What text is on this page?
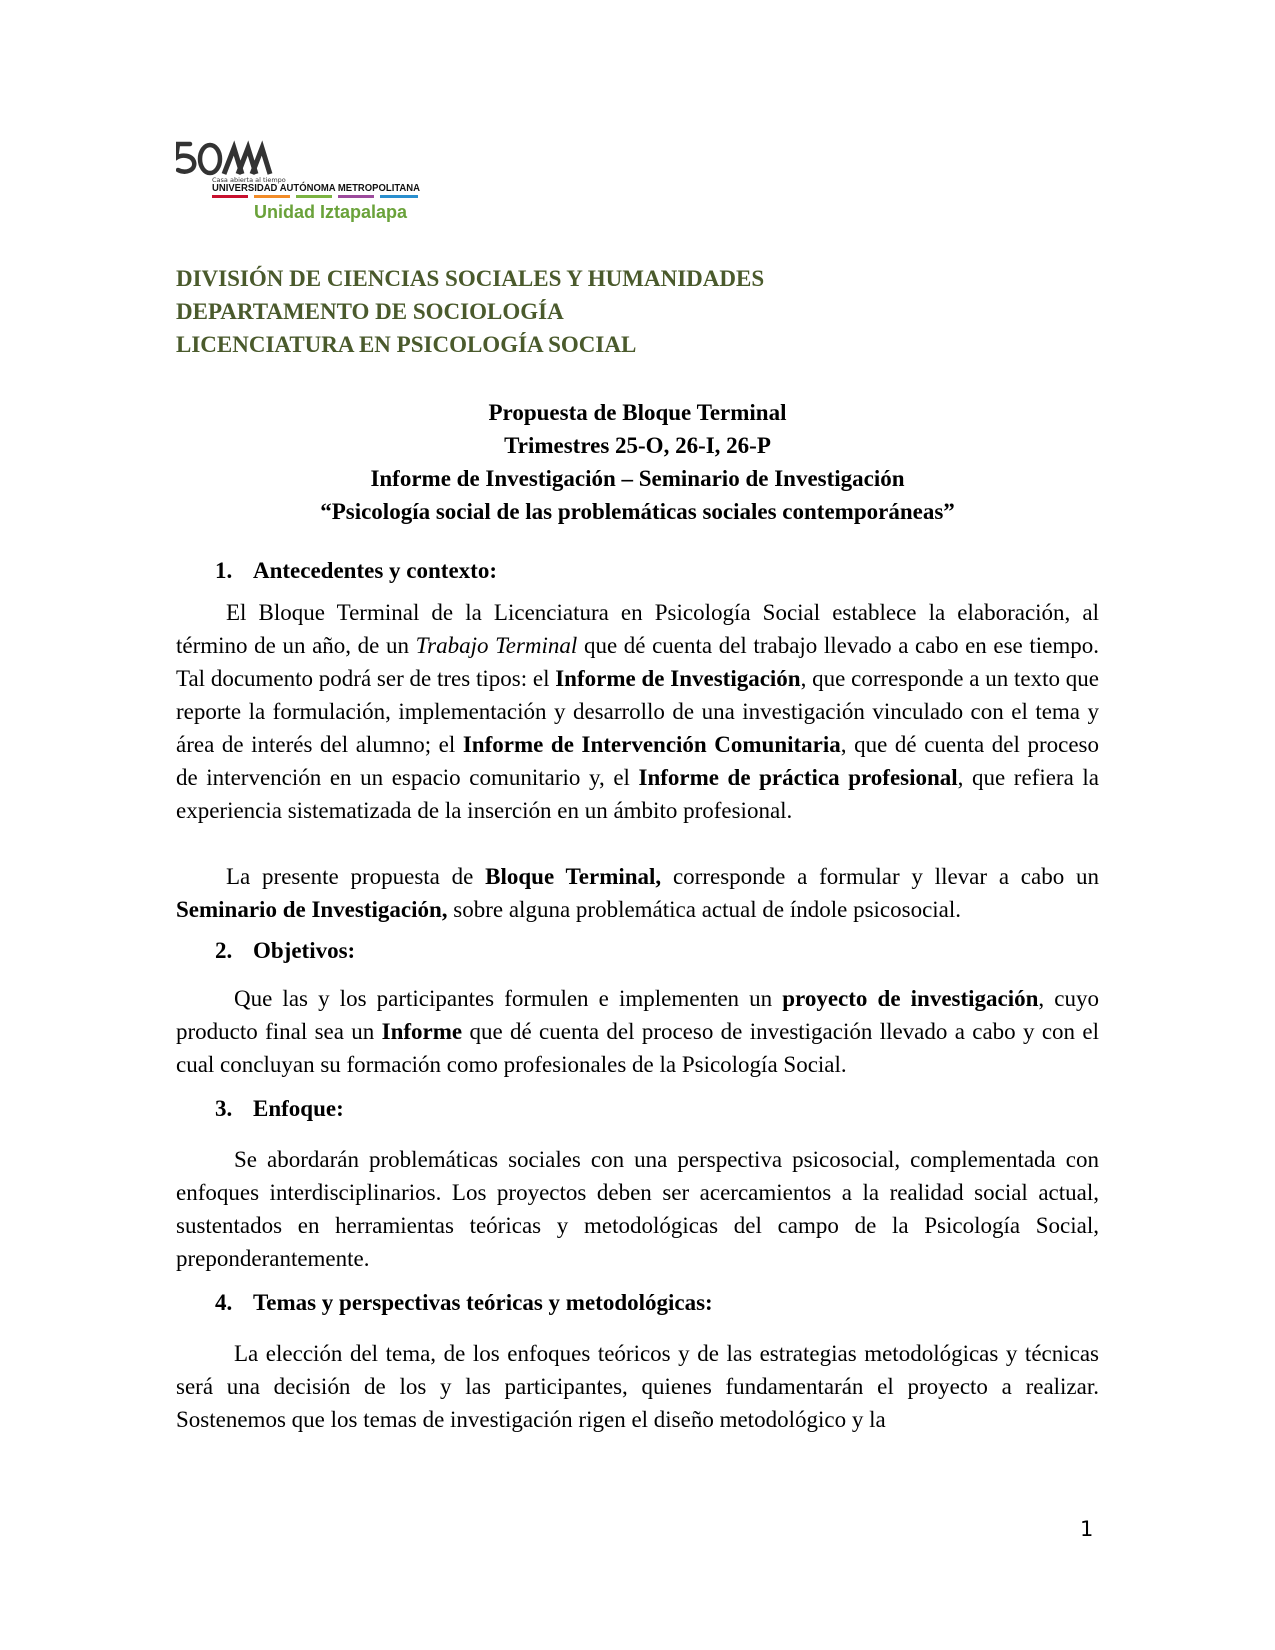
Casa abierta al tiempo
UNIVERSIDAD AUTÓNOMA METROPOLITANA
Unidad Iztapalapa
DIVISIÓN DE CIENCIAS SOCIALES Y HUMANIDADES
DEPARTAMENTO DE SOCIOLOGÍA
LICENCIATURA EN PSICOLOGÍA SOCIAL
Propuesta de Bloque Terminal
Trimestres 25-O, 26-I, 26-P
Informe de Investigación – Seminario de Investigación
“Psicología social de las problemáticas sociales contemporáneas”
1. Antecedentes y contexto:
El Bloque Terminal de la Licenciatura en Psicología Social establece la elaboración, al término de un año, de un Trabajo Terminal que dé cuenta del trabajo llevado a cabo en ese tiempo. Tal documento podrá ser de tres tipos: el Informe de Investigación, que corresponde a un texto que reporte la formulación, implementación y desarrollo de una investigación vinculado con el tema y área de interés del alumno; el Informe de Intervención Comunitaria, que dé cuenta del proceso de intervención en un espacio comunitario y, el Informe de práctica profesional, que refiera la experiencia sistematizada de la inserción en un ámbito profesional.
La presente propuesta de Bloque Terminal, corresponde a formular y llevar a cabo un Seminario de Investigación, sobre alguna problemática actual de índole psicosocial.
2. Objetivos:
Que las y los participantes formulen e implementen un proyecto de investigación, cuyo producto final sea un Informe que dé cuenta del proceso de investigación llevado a cabo y con el cual concluyan su formación como profesionales de la Psicología Social.
3. Enfoque:
Se abordarán problemáticas sociales con una perspectiva psicosocial, complementada con enfoques interdisciplinarios. Los proyectos deben ser acercamientos a la realidad social actual, sustentados en herramientas teóricas y metodológicas del campo de la Psicología Social, preponderantemente.
4. Temas y perspectivas teóricas y metodológicas:
La elección del tema, de los enfoques teóricos y de las estrategias metodológicas y técnicas será una decisión de los y las participantes, quienes fundamentarán el proyecto a realizar. Sostenemos que los temas de investigación rigen el diseño metodológico y la
1
